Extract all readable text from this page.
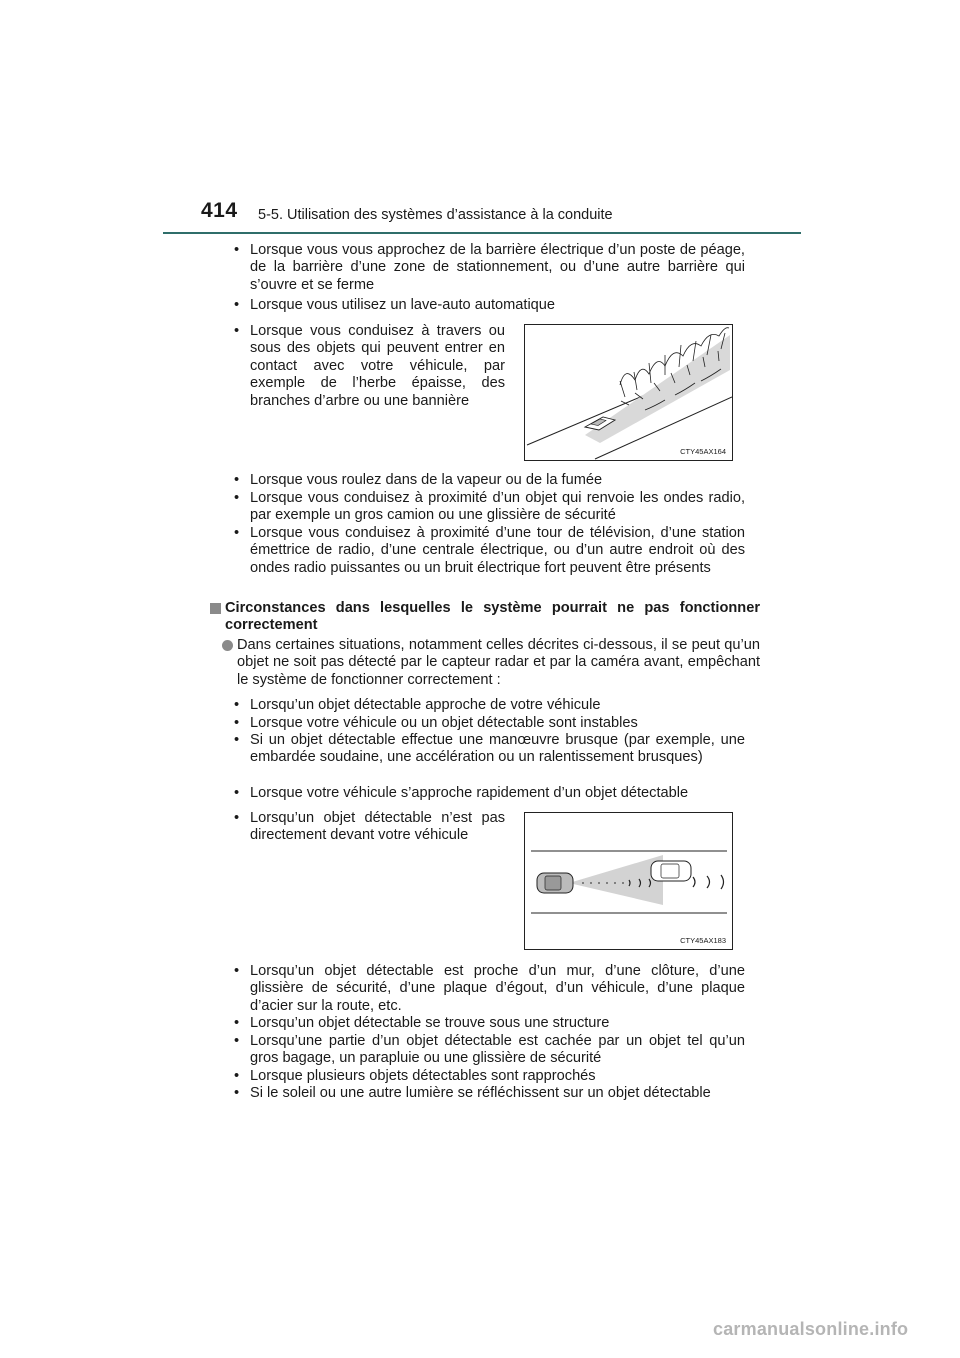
414 5-5. Utilisation des systèmes d’assistance à la conduite
• Lorsque vous vous approchez de la barrière électrique d’un poste de péage, de la barrière d’une zone de stationnement, ou d’une autre barrière qui s’ouvre et se ferme
• Lorsque vous utilisez un lave-auto automatique
• Lorsque vous conduisez à travers ou sous des objets qui peuvent entrer en contact avec votre véhicule, par exemple de l’herbe épaisse, des branches d’arbre ou une bannière
CTY45AX164
• Lorsque vous roulez dans de la vapeur ou de la fumée
• Lorsque vous conduisez à proximité d’un objet qui renvoie les ondes radio, par exemple un gros camion ou une glissière de sécurité
• Lorsque vous conduisez à proximité d’une tour de télévision, d’une station émettrice de radio, d’une centrale électrique, ou d’un autre endroit où des ondes radio puissantes ou un bruit électrique fort peuvent être présents
Circonstances dans lesquelles le système pourrait ne pas fonctionner correctement
Dans certaines situations, notamment celles décrites ci-dessous, il se peut qu’un objet ne soit pas détecté par le capteur radar et par la caméra avant, empêchant le système de fonctionner correctement :
• Lorsqu’un objet détectable approche de votre véhicule
• Lorsque votre véhicule ou un objet détectable sont instables
• Si un objet détectable effectue une manœuvre brusque (par exemple, une embardée soudaine, une accélération ou un ralentissement brusques)
• Lorsque votre véhicule s’approche rapidement d’un objet détectable
• Lorsqu’un objet détectable n’est pas directement devant votre véhicule
CTY45AX183
• Lorsqu’un objet détectable est proche d’un mur, d’une clôture, d’une glissière de sécurité, d’une plaque d’égout, d’un véhicule, d’une plaque d’acier sur la route, etc.
• Lorsqu’un objet détectable se trouve sous une structure
• Lorsqu’une partie d’un objet détectable est cachée par un objet tel qu’un gros bagage, un parapluie ou une glissière de sécurité
• Lorsque plusieurs objets détectables sont rapprochés
• Si le soleil ou une autre lumière se réfléchissent sur un objet détectable
carmanualsonline.info
